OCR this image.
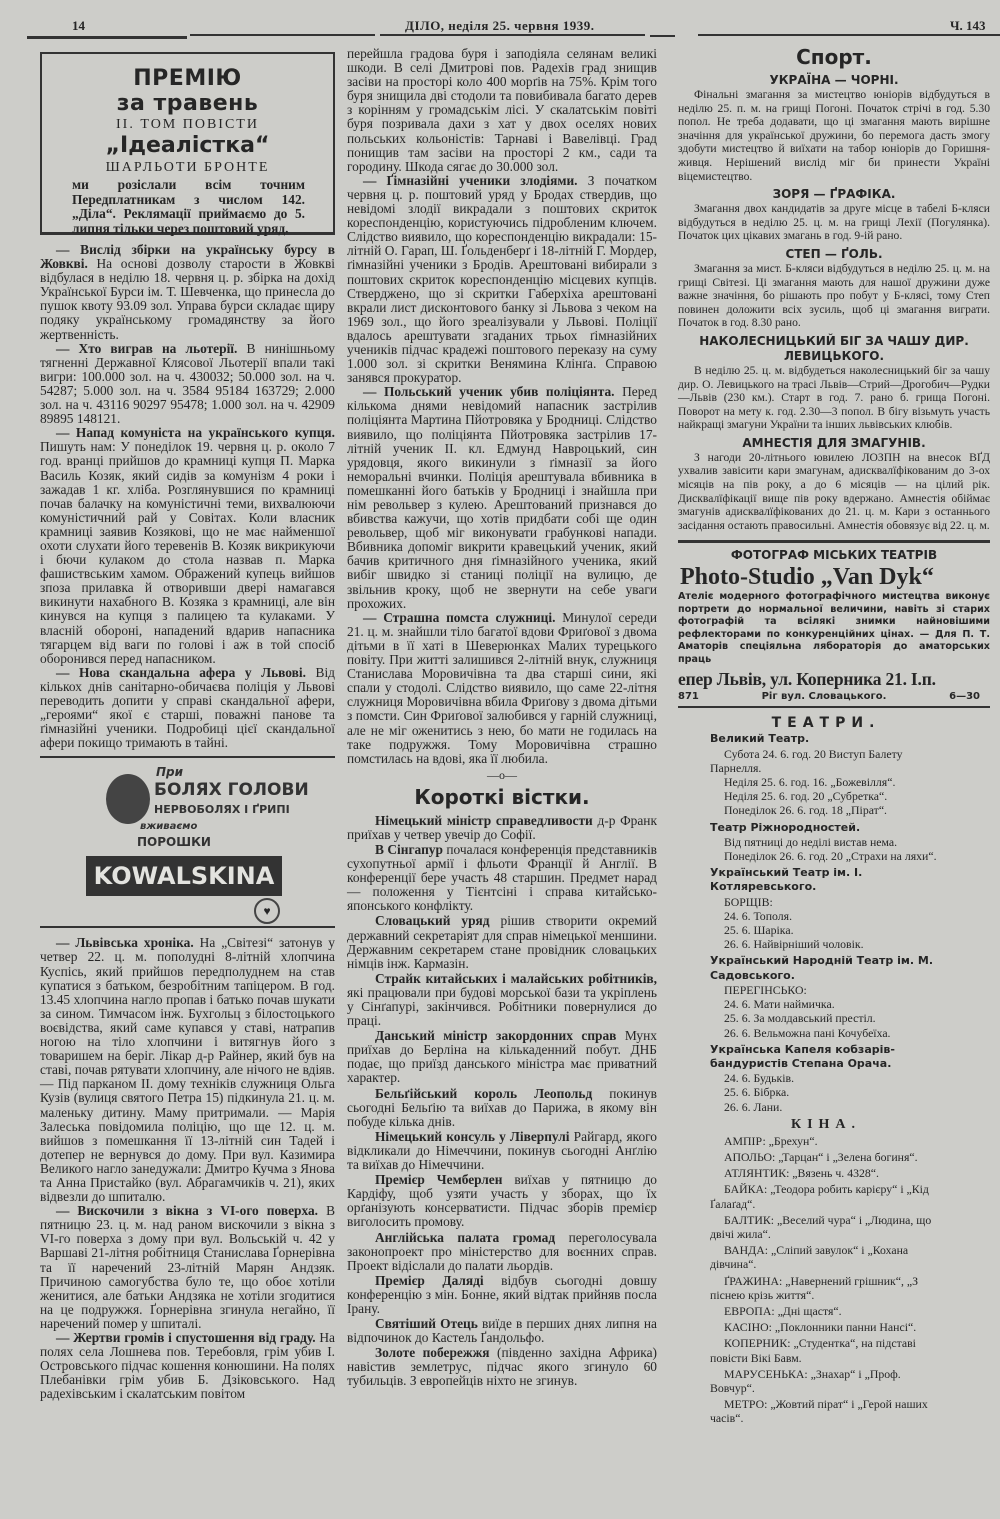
14	ДІЛО, неділя 25. червня 1939.	Ч. 143
ПРЕМІЮ
за травень
II. ТОМ ПОВІСТИ
„Ідеалістка“
ШАРЛЬОТИ БРОНТЕ
ми розіслали всім точним Передплатникам з числом 142. „Діла“. Реклямації приймаємо до 5. липня тільки через поштовий уряд.

— Вислід збірки на українську бурсу в Жовкві. На основі дозволу старости в Жовкві відбулася в неділю 18. червня ц. р. збірка на дохід Української Бурси ім. Т. Шевченка, що принесла до пушок квоту 93.09 зол. Управа бурси складає щиру подяку українському громадянству за його жертвенність.

— Хто виграв на льотерії. В нинішньому тягненні Державної Клясової Льотерії впали такі вигри: 100.000 зол. на ч. 430032; 50.000 зол. на ч. 54287; 5.000 зол. на ч. 3584 95184 163729; 2.000 зол. на ч. 43116 90297 95478; 1.000 зол. на ч. 42909 89895 148121.

— Напад комуніста на українського купця. Пишуть нам: У понеділок 19. червня ц. р. около 7 год. вранці прийшов до крамниці купця П. Марка Василь Козяк, який сидів за комунізм 4 роки і зажадав 1 кг. хліба. Розглянувшися по крамниці почав балачку на комуністичні теми, вихвалюючи комуністичний рай у Совітах. Коли власник крамниці заявив Козякові, що не має найменшої охоти слухати його теревенів В. Козяк викрикуючи і бючи кулаком до стола назвав п. Марка фашиствським хамом. Ображений купець вийшов зпоза прилавка й отворивши двері намагався викинути нахабного В. Козяка з крамниці, але він кинувся на купця з палицею та кулаками. У власній обороні, нападений вдарив напасника тягарцем від ваги по голові і аж в той спосіб оборонився перед напасником.

— Нова скандальна афера у Львові. Від кількох днів санітарно-обичаєва поліція у Львові переводить допити у справі скандальної афери, „героями“ якої є старші, поважні панове та ґімназійні ученики. Подробиці цієї скандальної афери покищо тримають в тайні.

При
БОЛЯХ ГОЛОВИ
НЕРВОБОЛЯХ І ҐРИПІ
вживаємо
ПОРОШКИ
KOWALSKINA
♥

— Львівська хроніка. На „Світезі“ затонув у четвер 22. ц. м. пополудні 8-літній хлопчина Куспісь, який прийшов передполуднем на став купатися з батьком, безробітним тапіцером. В год. 13.45 хлопчина нагло пропав і батько почав шукати за сином. Тимчасом інж. Бухгольц з білостоцького воєвідства, який саме купався у ставі, натрапив ногою на тіло хлопчини і витягнув його з товаришем на беріг. Лікар д-р Райнер, який був на ставі, почав рятувати хлопчину, але нічого не вдіяв. — Під парканом II. дому техніків служниця Ольга Кузів (вулиця святого Петра 15) підкинула 21. ц. м. маленьку дитину. Маму притримали. — Марія Залеська повідомила поліцію, що ще 12. ц. м. вийшов з помешкання її 13-літній син Тадей і дотепер не вернувся до дому. При вул. Казимира Великого нагло занедужали: Дмитро Кучма з Янова та Анна Пристайко (вул. Абрагамчиків ч. 21), яких відвезли до шпиталю.

— Вискочили з вікна з VI-ого поверха. В пятницю 23. ц. м. над раном вискочили з вікна з VI-го поверха з дому при вул. Вольській ч. 42 у Варшаві 21-літня робітниця Станислава Ґорнерівна та її наречений 23-літній Марян Андзяк. Причиною самогубства було те, що обоє хотіли женитися, але батьки Андзяка не хотіли згодитися на це подружжя. Ґорнерівна згинула негайно, її наречений помер у шпиталі.

— Жертви громів і спустошення від граду. На полях села Лошнева пов. Теребовля, грім убив І. Островського підчас кошення конюшини. На полях Плебанівки грім убив Б. Дзіковського. Над радехівським і скалатським повітом

перейшла градова буря і заподіяла селянам великі шкоди. В селі Дмитрові пов. Радехів град знищив засіви на просторі коло 400 морґів на 75%. Крім того буря знищила дві стодоли та повибивала багато дерев з корінням у громадськім лісі. У скалатськім повіті буря позривала дахи з хат у двох оселях нових польських кольоністів: Тарнаві і Вавелівці. Град понищив там засіви на просторі 2 км., сади та городину. Шкода сягає до 30.000 зол.

— Ґімназійні ученики злодіями. З початком червня ц. р. поштовий уряд у Бродах ствердив, що невідомі злодії викрадали з поштових скриток кореспонденцію, користуючись підробленим ключем. Слідство виявило, що кореспонденцію викрадали: 15-літній О. Гарап, Ш. Ґольденберґ і 18-літній Г. Мордер, ґімназійні ученики з Бродів. Арештовані вибирали з поштових скриток кореспонденцію місцевих купців. Стверджено, що зі скритки Габерхіха арештовані вкрали лист дисконтового банку зі Львова з чеком на 1969 зол., що його зреалізували у Львові. Поліції вдалось арештувати згаданих трьох ґімназійних учеників підчас крадежі поштового переказу на суму 1.000 зол. зі скритки Венямина Клінґа. Справою занявся прокуратор.

— Польський ученик убив поліціянта. Перед кількома днями невідомий напасник застрілив поліціянта Мартина Пйотровяка у Бродниці. Слідство виявило, що поліціянта Пйотровяка застрілив 17-літній ученик II. кл. Едмунд Навроцький, син урядовця, якого викинули з ґімназії за його неморальні вчинки. Поліція арештувала вбивника в помешканні його батьків у Бродниці і знайшла при нім револьвер з кулею. Арештований признався до вбивства кажучи, що хотів придбати собі ще один револьвер, щоб міг виконувати грабункові напади. Вбивника допоміг викрити кравецький ученик, який бачив критичного дня ґімназійного ученика, який вибіг швидко зі станиці поліції на вулицю, де звільнив кроку, щоб не звернути на себе уваги прохожих.

— Страшна помста служниці. Минулої середи 21. ц. м. знайшли тіло багатої вдови Фриґової з двома дітьми в її хаті в Шеверюнках Малих турецького повіту. При житті залишився 2-літній внук, служниця Станислава Моровичівна та два старші сини, які спали у стодолі. Слідство виявило, що саме 22-літня служниця Моровичівна вбила Фриґову з двома дітьми з помсти. Син Фриґової залюбився у гарній служниці, але не міг оженитись з нею, бо мати не годилась на таке подружжя. Тому Моровичівна страшно помстилась на вдові, яка її любила.

—o—
Короткі вістки.

Німецький міністр справедливости д-р Франк приїхав у четвер увечір до Софії.

В Сінгапур почалася конференція представників сухопутньої армії і фльоти Франції й Англії. В конференції бере участь 48 старшин. Предмет нарад — положення у Тієнтсіні і справа китайсько-японського конфлікту.

Словацький уряд рішив створити окремий державний секретаріят для справ німецької меншини. Державним секретарем стане провідник словацьких німців інж. Кармазін.

Страйк китайських і малайських робітників, які працювали при будові морської бази та укріплень у Сінґапурі, закінчився. Робітники повернулися до праці.

Данський міністр закордонних справ Мунх приїхав до Берліна на кількаденний побут. ДНБ подає, що приїзд данського міністра має приватний характер.

Бельґійський король Леопольд покинув сьогодні Бельґію та виїхав до Парижа, в якому він побуде кілька днів.

Німецький консуль у Ліверпулі Райгард, якого відкликали до Німеччини, покинув сьогодні Анґлію та виїхав до Німеччини.

Премієр Чемберлен виїхав у пятницю до Кардіфу, щоб узяти участь у зборах, що їх орґанізують консерватисти. Підчас зборів премієр виголосить промову.

Англійська палата громад переголосувала законопроект про міністерство для воєнних справ. Проект відіслали до палати льордів.

Премієр Даляді відбув сьогодні довшу конференцію з мін. Бонне, який відтак прийняв посла Ірану.

Святіший Отець виїде в перших днях липня на відпочинок до Кастель Ґандольфо.

Золоте побережжя (південно західна Африка) навістив землетрус, підчас якого згинуло 60 тубильців. З европейців ніхто не згинув.

Спорт.
УКРАЇНА — ЧОРНІ.

Фінальні змагання за мистецтво юніорів відбудуться в неділю 25. п. м. на грищі Погоні. Початок стрічі в год. 5.30 попол. Не треба додавати, що ці змагання мають вирішне значіння для української дружини, бо перемога дасть змогу здобути мистецтво й виїхати на табор юніорів до Горишня-живця. Нерішений вислід міг би принести Україні віцемистецтво.

ЗОРЯ — ҐРАФІКА.

Змагання двох кандидатів за друге місце в табелі Б-кляси відбудуться в неділю 25. ц. м. на грищі Лехії (Погулянка). Початок цих цікавих змагань в год. 9-ій рано.

СТЕП — ҐОЛЬ.

Змагання за мист. Б-кляси відбудуться в неділю 25. ц. м. на грищі Світезі. Ці змагання мають для нашої дружини дуже важне значіння, бо рішають про побут у Б-клясі, тому Степ повинен доложити всіх зусиль, щоб ці змагання виграти. Початок в год. 8.30 рано.

НАКОЛЕСНИЦЬКИЙ БІГ ЗА ЧАШУ ДИР. ЛЕВИЦЬКОГО.

В неділю 25. ц. м. відбудеться наколесницький біг за чашу дир. О. Левицького на трасі Львів—Стрий—Дрогобич—Рудки—Львів (230 км.). Старт в год. 7. рано б. грища Погоні. Поворот на мету к. год. 2.30—3 попол. В бігу візьмуть участь найкращі змагуни України та інших львівських клюбів.

АМНЕСТІЯ ДЛЯ ЗМАГУНІВ.

З нагоди 20-літнього ювилею ЛОЗПН на внесок ВҐД ухвалив завісити кари змагунам, адисквалїфікованим до 3-ох місяців на пів року, а до 6 місяців — на цілий рік. Дисквалїфікації вище пів року вдержано. Амнестія обіймає змагунів адисквалїфікованих до 21. ц. м. Кари з останнього засідання остають правосильні. Амнестія обовязує від 22. ц. м.

ФОТОГРАФ МІСЬКИХ ТЕАТРІВ
Photo-Studio „Van Dyk“
Ателіє модерного фотографічного мистецтва виконує портрети до нормальної величини, навіть зі старих фотографій та всілякі знимки найновішими рефлекторами по конкуренційних цінах. — Для П. Т. Аматорів спеціяльна лябораторія до аматорських праць
епер Львів, ул. Коперника 21. I.п.
871	Ріг вул. Словацького.	6—30
ТЕАТРИ.

Великий Театр.

Субота 24. 6. год. 20 Виступ Балету Парнелля.

Неділя 25. 6. год. 16. „Божевілля“.

Неділя 25. 6. год. 20 „Субретка“.

Понеділок 26. 6. год. 18 „Пірат“.

Театр Ріжнородностей.

Від пятниці до неділі вистав нема.

Понеділок 26. 6. год. 20 „Страхи на ляхи“.

Український Театр ім. І. Котляревського.

БОРЩІВ:

24. 6. Тополя.

25. 6. Шаріка.

26. 6. Найвірніший чоловік.

Український Народній Театр ім. М. Садовського.

ПЕРЕГІНСЬКО:

24. 6. Мати наймичка.

25. 6. За молдавський престіл.

26. 6. Вельможна пані Кочубеїха.

Українська Капеля кобзарів-бандуристів Степана Орача.

24. 6. Будьків.

25. 6. Бібрка.

26. 6. Лани.

КІНА.

АМПІР: „Брехун“.

АПОЛЬО: „Тарцан“ і „Зелена богиня“.

АТЛЯНТИК: „Вязень ч. 4328“.

БАЙКА: „Теодора робить карієру“ і „Кід Ґалаґад“.

БАЛТИК: „Веселий чура“ і „Людина, що двічі жила“.

ВАНДА: „Сліпий завулок“ і „Кохана дівчина“.

ҐРАЖИНА: „Навернений грішник“, „З піснею крізь життя“.

ЕВРОПА: „Дні щастя“.

КАСІНО: „Поклонники панни Нансі“.

КОПЕРНИК: „Студентка“, на підставі повісти Вікі Бавм.

МАРУСЕНЬКА: „Знахар“ і „Проф. Вовчур“.

МЕТРО: „Жовтий пірат“ і „Герой наших часів“.
